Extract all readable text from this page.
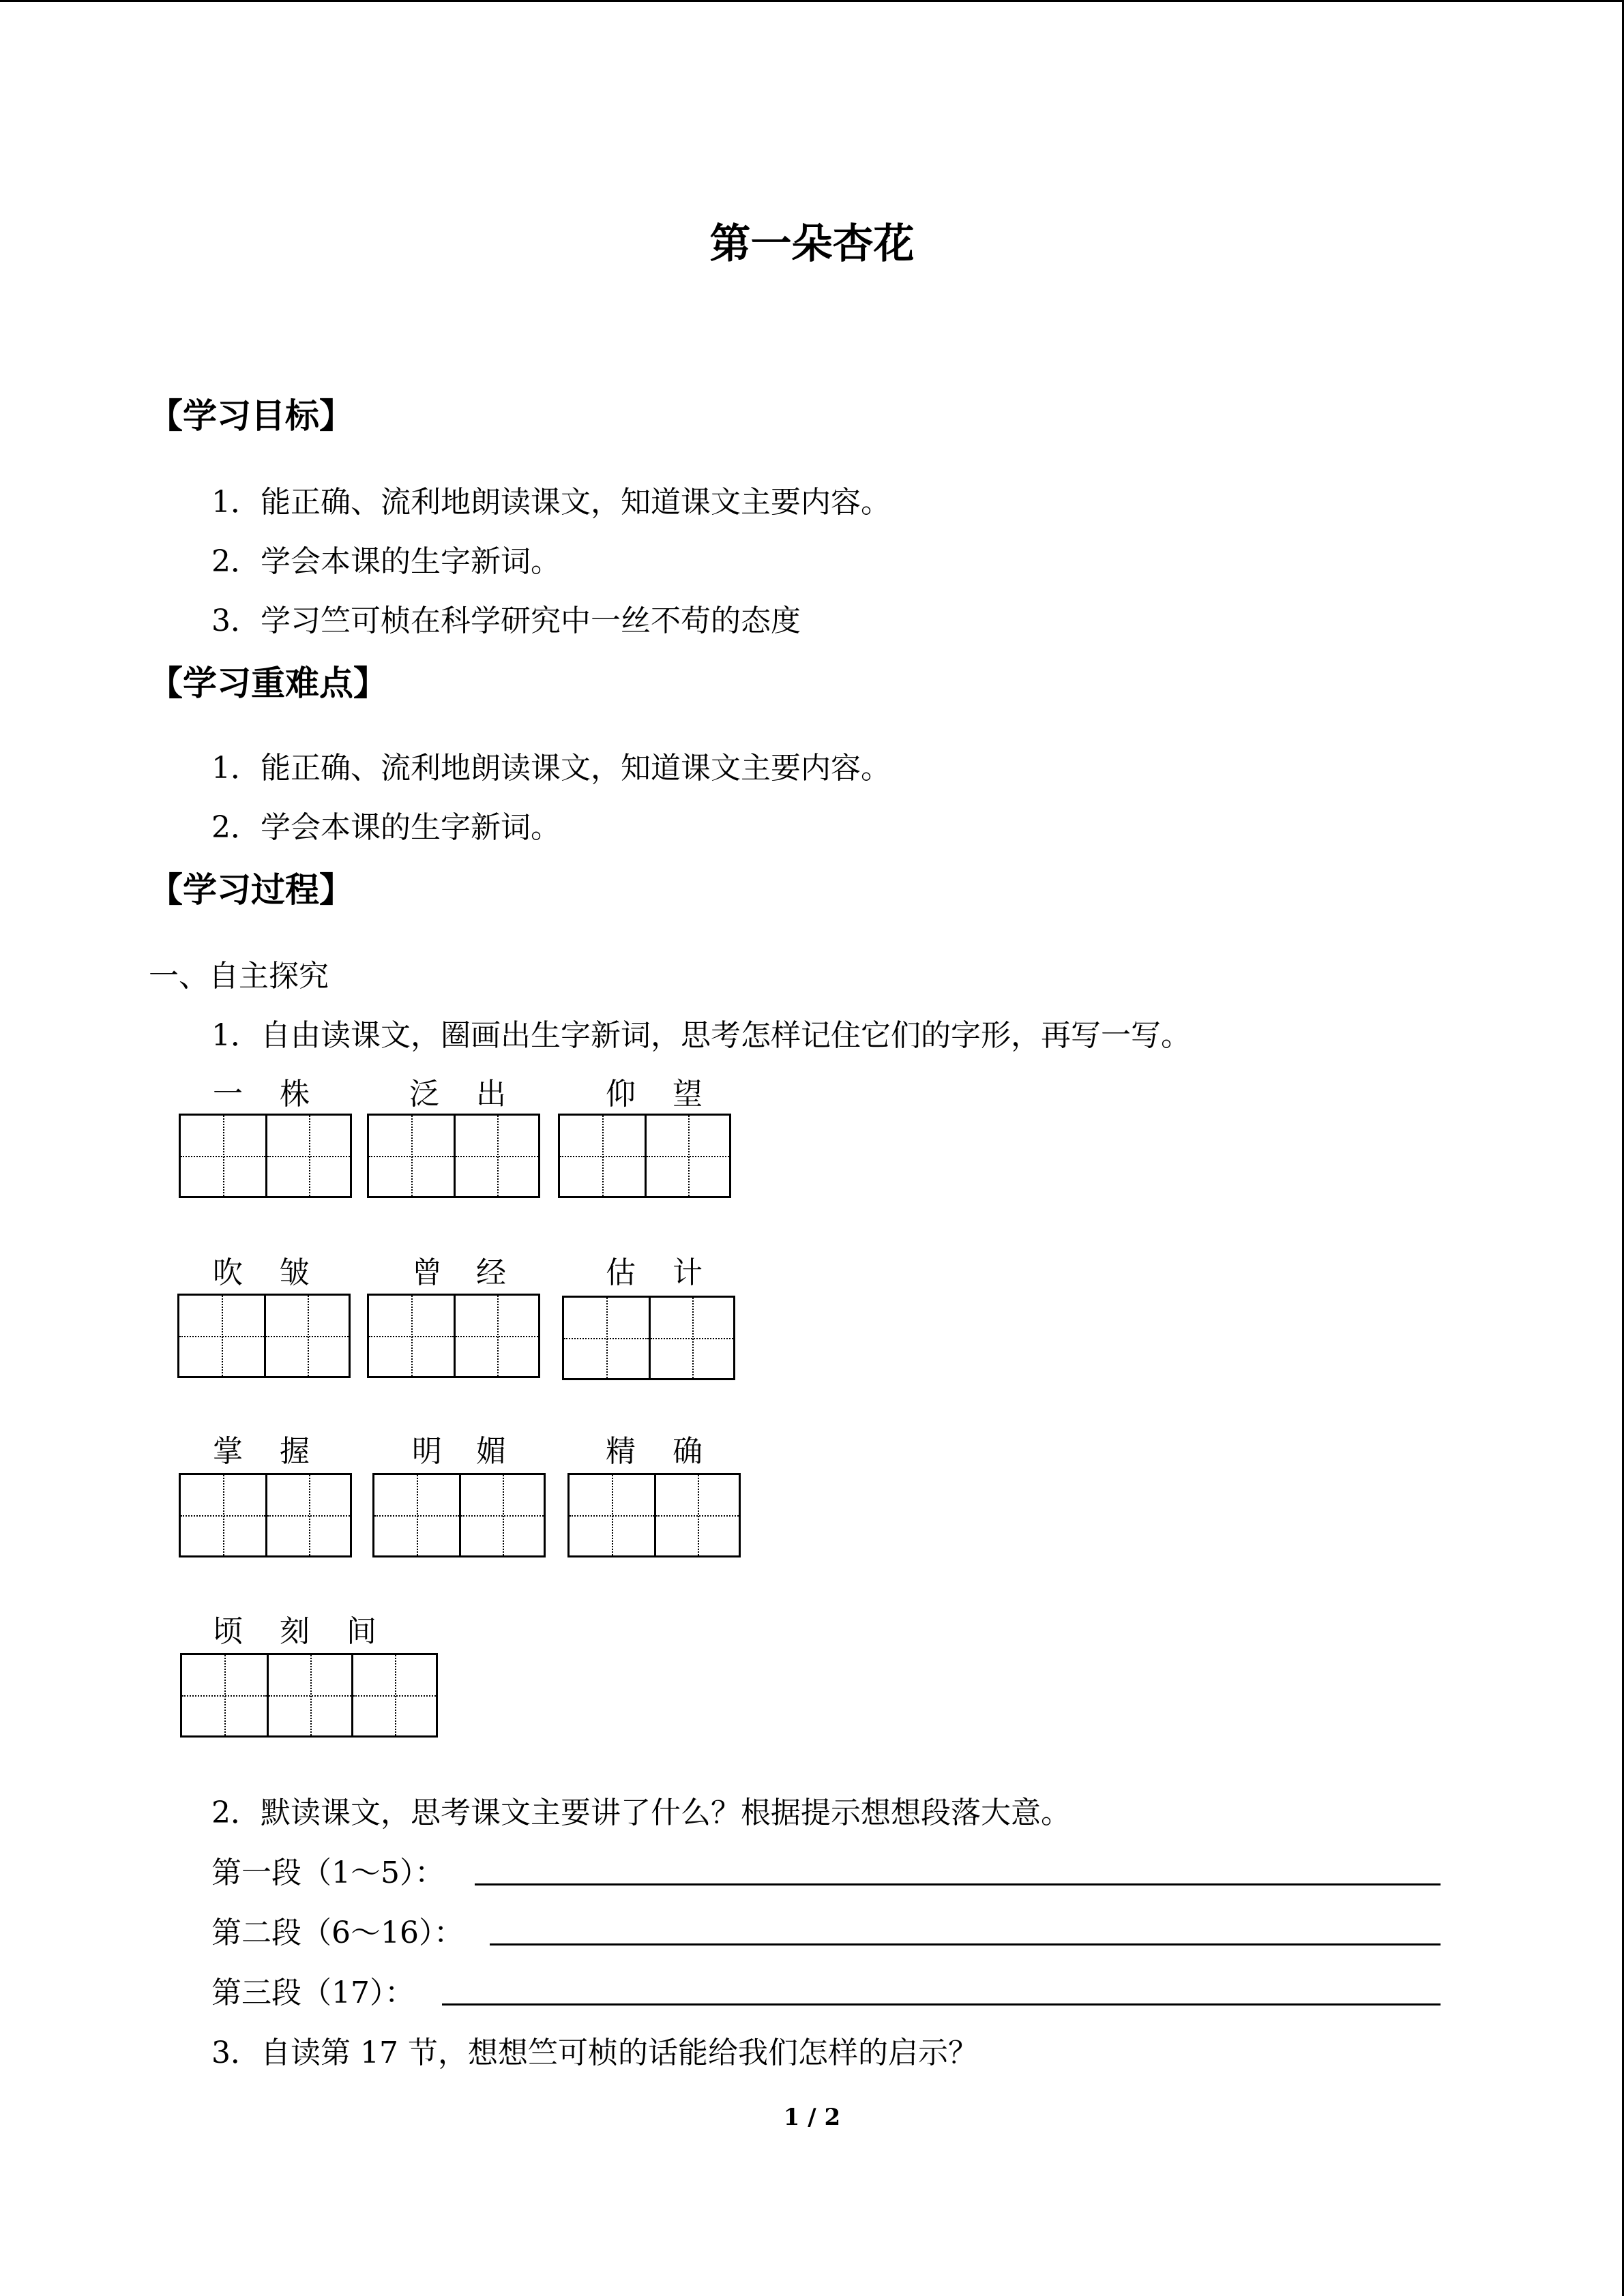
第一朵杏花
【学习目标】
1．能正确、流利地朗读课文，知道课文主要内容。
2．学会本课的生字新词。
3．学习竺可桢在科学研究中一丝不苟的态度
【学习重难点】
1．能正确、流利地朗读课文，知道课文主要内容。
2．学会本课的生字新词。
【学习过程】
一、自主探究
1．自由读课文，圈画出生字新词，思考怎样记住它们的字形，再写一写。
一 株	泛 出	仰 望
吹 皱	曾 经	估 计
掌 握	明 媚	精 确
顷 刻 间
2．默读课文，思考课文主要讲了什么？根据提示想想段落大意。
第一段（1～5）：
第二段（6～16）：
第三段（17）：
3．自读第 17 节，想想竺可桢的话能给我们怎样的启示？
1 / 2
